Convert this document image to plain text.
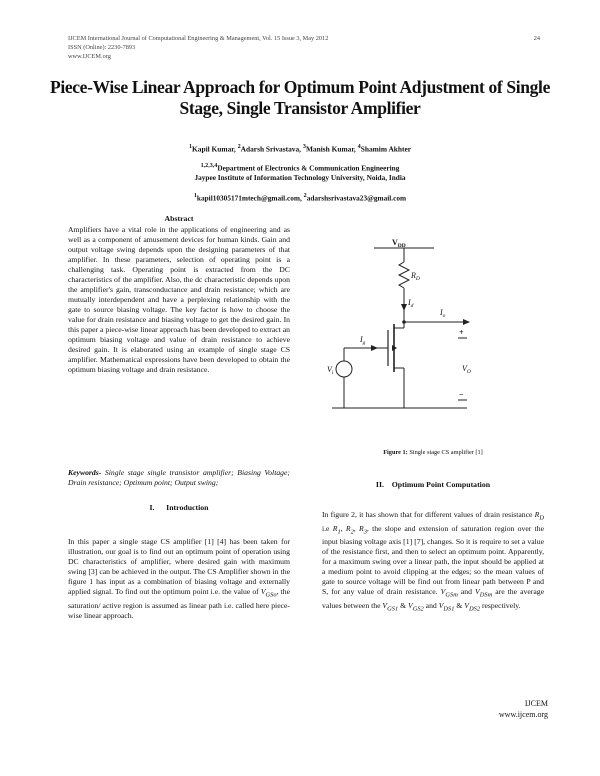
IJCEM International Journal of Computational Engineering & Management, Vol. 15 Issue 3, May 2012
ISSN (Online): 2230-7893
www.IJCEM.org
24
Piece-Wise Linear Approach for Optimum Point Adjustment of Single Stage, Single Transistor Amplifier
$^1$Kapil Kumar, $^2$Adarsh Srivastava, $^3$Manish Kumar, $^4$Shamim Akhter
$^{1,2,3,4}$Department of Electronics & Communication Engineering
Jaypee Institute of Information Technology University, Noida, India
$^1$kapil10305171mtech@gmail.com, $^2$adarshsrivastava23@gmail.com
Abstract
Amplifiers have a vital role in the applications of engineering and as well as a component of amusement devices for human kinds. Gain and output voltage swing depends upon the designing parameters of that amplifier. In these parameters, selection of operating point is a challenging task. Operating point is extracted from the DC characteristics of the amplifier. Also, the dc characteristic depends upon the amplifier's gain, transconductance and drain resistance; which are mutually interdependent and have a perplexing relationship with the gate to source biasing voltage. The key factor is how to choose the value for drain resistance and biasing voltage to get the desired gain. In this paper a piece-wise linear approach has been developed to extract an optimum biasing voltage and value of drain resistance to achieve desired gain. It is elaborated using an example of single stage CS amplifier. Mathematical expressions have been developed to obtain the optimum biasing voltage and drain resistance.
Keywords- Single stage single transistor amplifier; Biasing Voltage; Drain resistance; Optimum point; Output swing;
I.      Introduction
In this paper a single stage CS amplifier [1] [4] has been taken for illustration, our goal is to find out an optimum point of operation using DC characteristics of amplifier, where desired gain with maximum swing [3] can be achieved in the output. The CS Amplifier shown in the figure 1 has input as a combination of biasing voltage and externally applied signal. To find out the optimum point i.e. the value of $V_{GSo}$, the saturation/ active region is assumed as linear path i.e. called here piece-wise linear approach.
$V_{DD}$
$R_D$
$I_d$
$I_o$
$I_g$
$V_i$	$V_O$
+
−
Figure 1: Single stage CS amplifier [1]
II.    Optimum Point Computation
In figure 2, it has shown that for different values of drain resistance $R_D$ i.e $R_1$, $R_2$, $R_3$, the slope and extension of saturation region over the input biasing voltage axis [1] [7], changes. So it is require to set a value of the resistance first, and then to select an optimum point. Apparently, for a maximum swing over a linear path, the input should be applied at a medium point to avoid clipping at the edges; so the mean values of gate to source voltage will be find out from linear path between P and S, for any value of drain resistance. $V_{GSm}$ and $V_{DSm}$ are the average values between the $V_{GS1}$ & $V_{GS2}$ and $V_{DS1}$ & $V_{DS2}$ respectively.
IJCEM
www.ijcem.org
